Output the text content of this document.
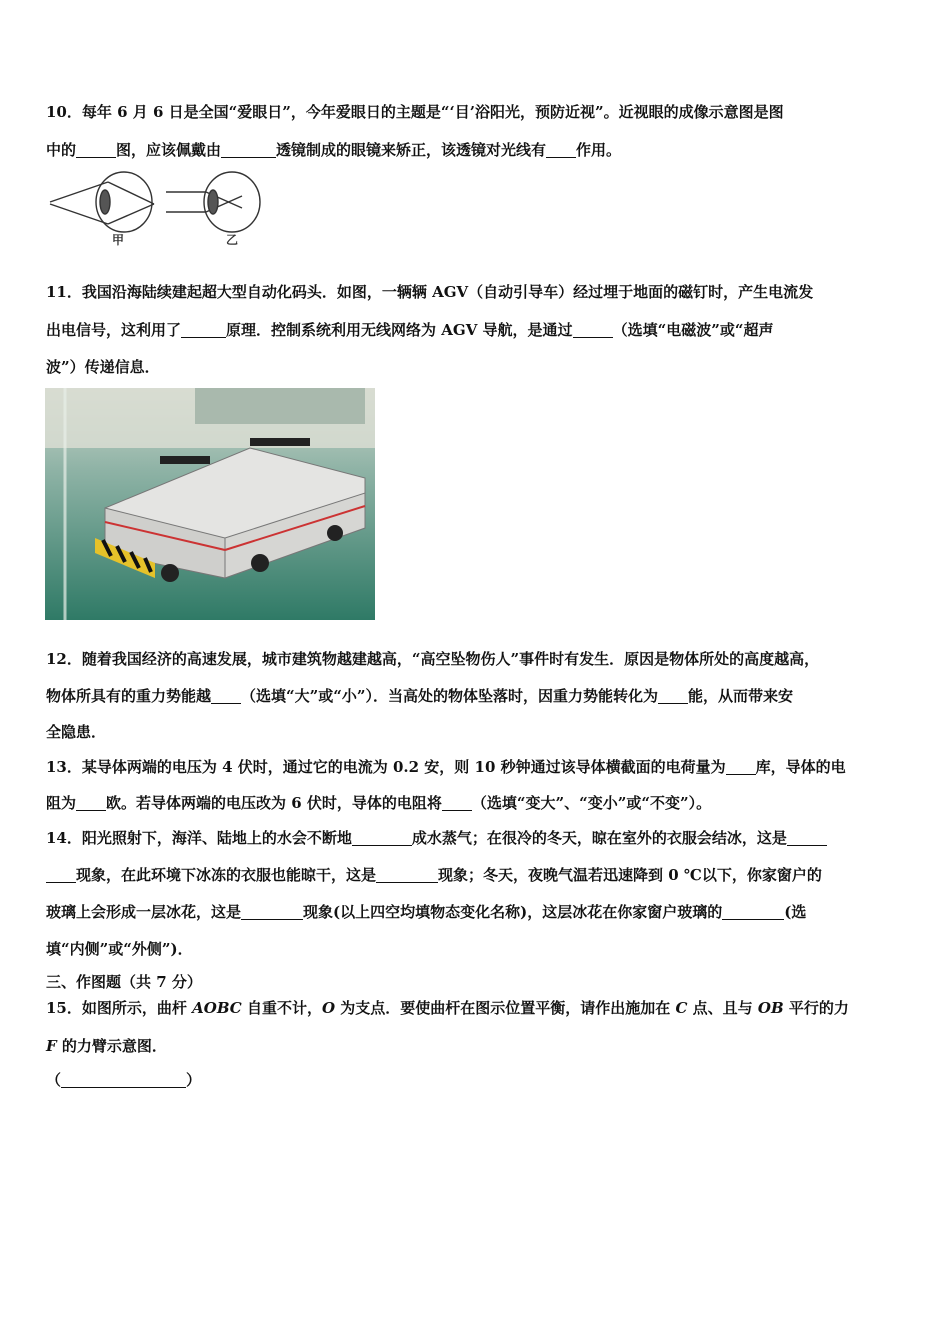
10．每年 6 月 6 日是全国“爱眼日”，今年爱眼日的主题是“‘目’浴阳光，预防近视”。近视眼的成像示意图是图
中的	图，应该佩戴由	透镜制成的眼镜来矫正，该透镜对光线有 作用。
甲	乙
11．我国沿海陆续建起超大型自动化码头．如图，一辆辆 AGV（自动引导车）经过埋于地面的磁钉时，产生电流发
出电信号，这利用了	原理．控制系统利用无线网络为 AGV 导航，是通过	（选填“电磁波”或“超声
波”）传递信息．
12．随着我国经济的高速发展，城市建筑物越建越高，“高空坠物伤人”事件时有发生．原因是物体所处的高度越高，
物体所具有的重力势能越 （选填“大”或“小”）．当高处的物体坠落时，因重力势能转化为 能，从而带来安
全隐患．
13．某导体两端的电压为 4 伏时，通过它的电流为 0.2 安，则 10 秒钟通过该导体横截面的电荷量为 库，导体的电
阻为 欧。若导体两端的电压改为 6 伏时，导体的电阻将 （选填“变大”、“变小”或“不变”）。
14．阳光照射下，海洋、陆地上的水会不断地	成水蒸气；在很冷的冬天，晾在室外的衣服会结冰，这是
现象，在此环境下冰冻的衣服也能晾干，这是	现象；冬天，夜晚气温若迅速降到 0 ℃以下，你家窗户的
玻璃上会形成一层冰花，这是	现象(以上四空均填物态变化名称)，这层冰花在你家窗户玻璃的	(选
填“内侧”或“外侧”)．
三、作图题（共 7 分）
15．如图所示，曲杆 AOBC 自重不计，O 为支点．要使曲杆在图示位置平衡，请作出施加在 C 点、且与 OB 平行的力
F 的力臂示意图．
（	）
